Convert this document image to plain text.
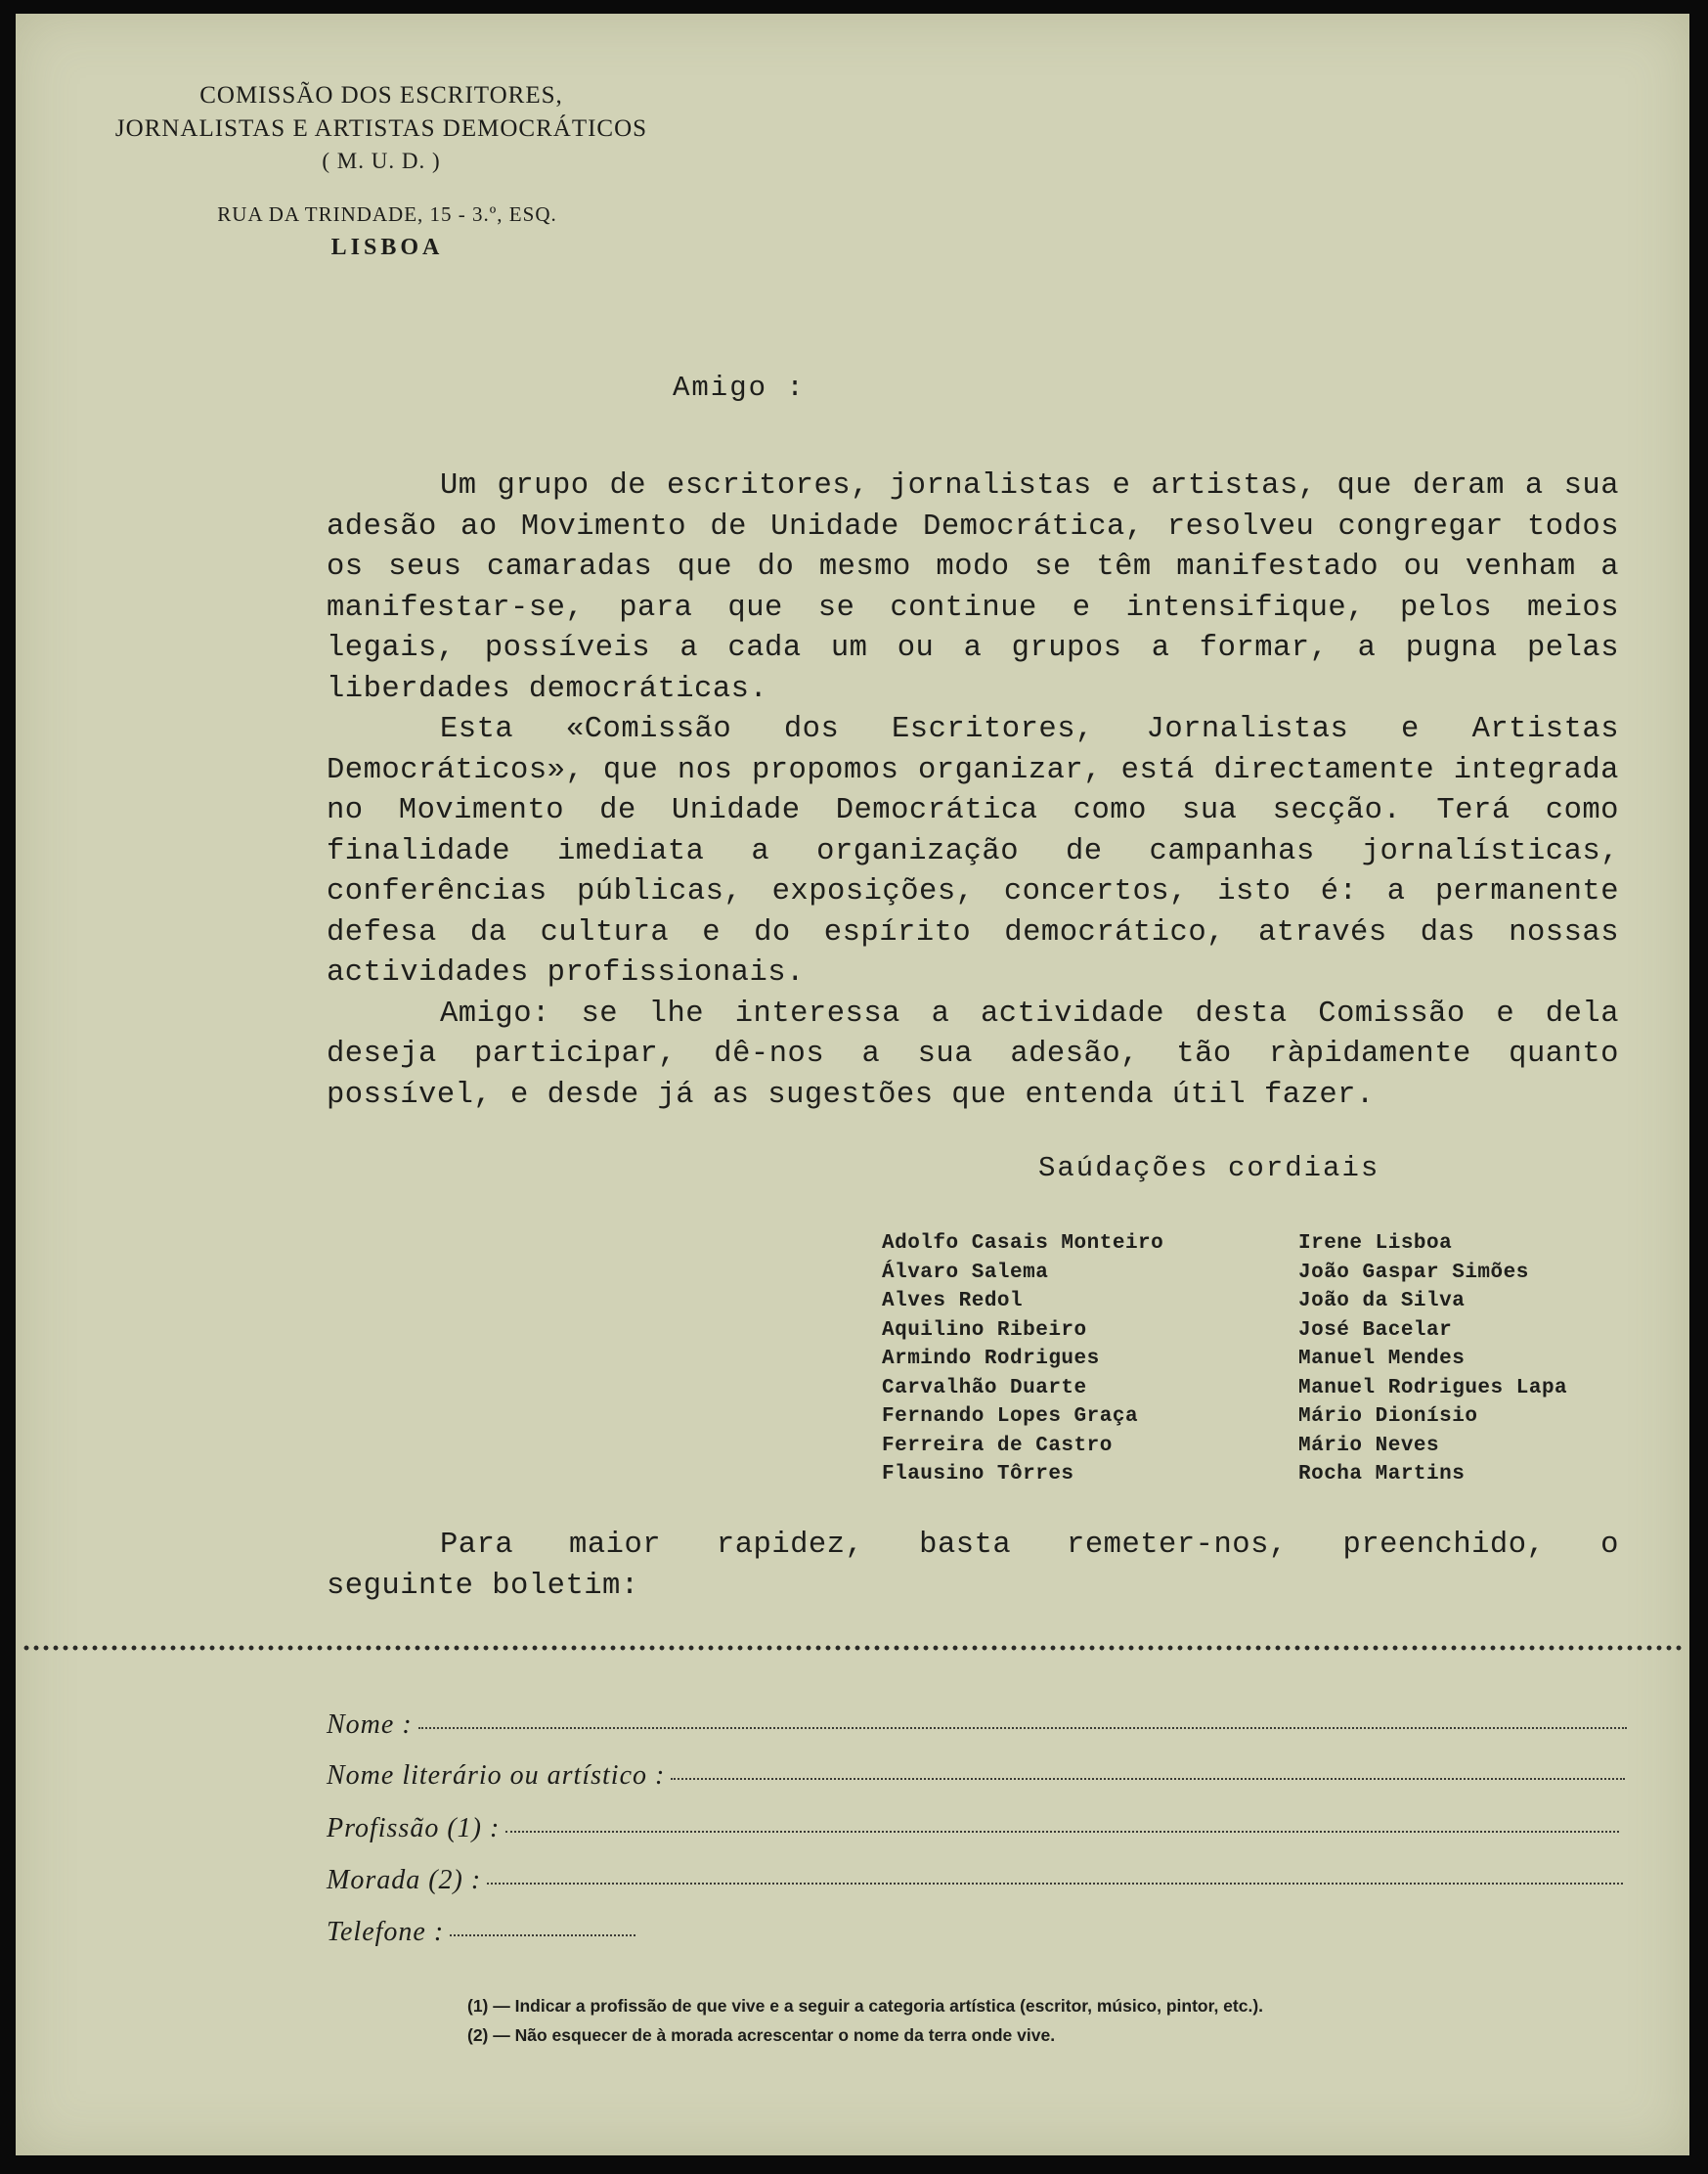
COMISSÃO DOS ESCRITORES,
JORNALISTAS E ARTISTAS DEMOCRÁTICOS
( M. U. D. )
RUA DA TRINDADE, 15 - 3.º, ESQ.
LISBOA
Amigo :

Um grupo de escritores, jornalistas e artistas, que deram a sua adesão ao Movimento de Unidade Democrática, resolveu congregar todos os seus camaradas que do mesmo modo se têm manifestado ou venham a manifestar-se, para que se continue e intensifique, pelos meios legais, possíveis a cada um ou a grupos a formar, a pugna pelas liberdades democráticas.

Esta «Comissão dos Escritores, Jornalistas e Artistas Democráticos», que nos propomos organizar, está directamente integrada no Movimento de Unidade Democrática como sua secção. Terá como finalidade imediata a organização de campanhas jornalísticas, conferências públicas, exposições, concertos, isto é: a permanente defesa da cultura e do espírito democrático, através das nossas actividades profissionais.

Amigo: se lhe interessa a actividade desta Comissão e dela deseja participar, dê-nos a sua adesão, tão ràpidamente quanto possível, e desde já as sugestões que entenda útil fazer.

Saúdações cordiais
Adolfo Casais Monteiro
Álvaro Salema
Alves Redol
Aquilino Ribeiro
Armindo Rodrigues
Carvalhão Duarte
Fernando Lopes Graça
Ferreira de Castro
Flausino Tôrres
Irene Lisboa
João Gaspar Simões
João da Silva
José Bacelar
Manuel Mendes
Manuel Rodrigues Lapa
Mário Dionísio
Mário Neves
Rocha Martins

Para maior rapidez, basta remeter-nos, preenchido, o

seguinte boletim:

Nome :
Nome literário ou artístico :
Profissão (1) :
Morada (2) :
Telefone :
(1) — Indicar a profissão de que vive e a seguir a categoria artística (escritor, músico, pintor, etc.).
(2) — Não esquecer de à morada acrescentar o nome da terra onde vive.
